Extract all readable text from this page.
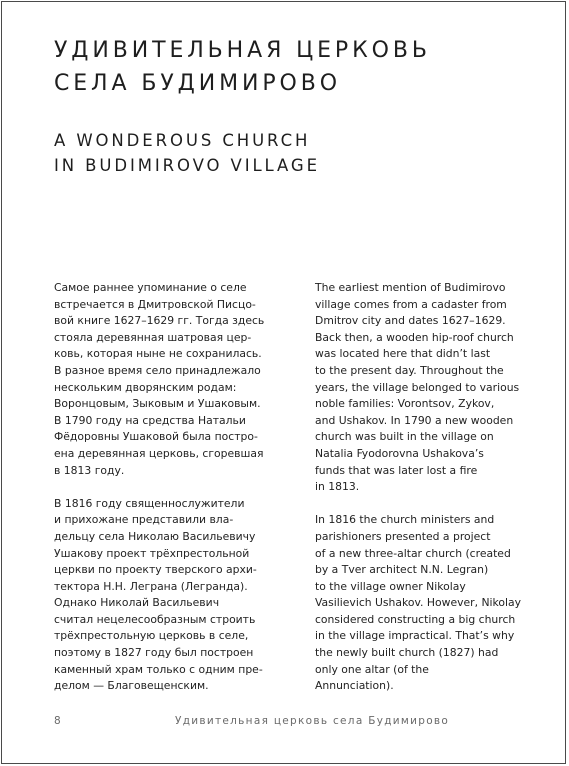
УДИВИТЕЛЬНАЯ ЦЕРКОВЬ
СЕЛА БУДИМИРОВО
A WONDEROUS CHURCH
IN BUDIMIROVO VILLAGE
Самое раннее упоминание о селе
встречается в Дмитровской Писцо-
вой книге 1627–1629 гг. Тогда здесь
стояла деревянная шатровая цер-
ковь, которая ныне не сохранилась.
В разное время село принадлежало
нескольким дворянским родам:
Воронцовым, Зыковым и Ушаковым.
В 1790 году на средства Натальи
Фёдоровны Ушаковой была постро-
ена деревянная церковь, сгоревшая
в 1813 году.
В 1816 году священнослужители
и прихожане представили вла-
дельцу села Николаю Васильевичу
Ушакову проект трёхпрестольной
церкви по проекту тверского архи-
тектора Н.Н. Леграна (Легранда).
Однако Николай Васильевич
считал нецелесообразным строить
трёхпрестольную церковь в селе,
поэтому в 1827 году был построен
каменный храм только с одним пре-
делом — Благовещенским.
The earliest mention of Budimirovo
village comes from a cadaster from
Dmitrov city and dates 1627–1629.
Back then, a wooden hip-roof church
was located here that didn’t last
to the present day. Throughout the
years, the village belonged to various
noble families: Vorontsov, Zykov,
and Ushakov. In 1790 a new wooden
church was built in the village on
Natalia Fyodorovna Ushakova’s
funds that was later lost a fire
in 1813.
In 1816 the church ministers and
parishioners presented a project
of a new three-altar church (created
by a Tver architect N.N. Legran)
to the village owner Nikolay
Vasilievich Ushakov. However, Nikolay
considered constructing a big church
in the village impractical. That’s why
the newly built church (1827) had
only one altar (of the
Annunciation).
8	Удивительная церковь села Будимирово
